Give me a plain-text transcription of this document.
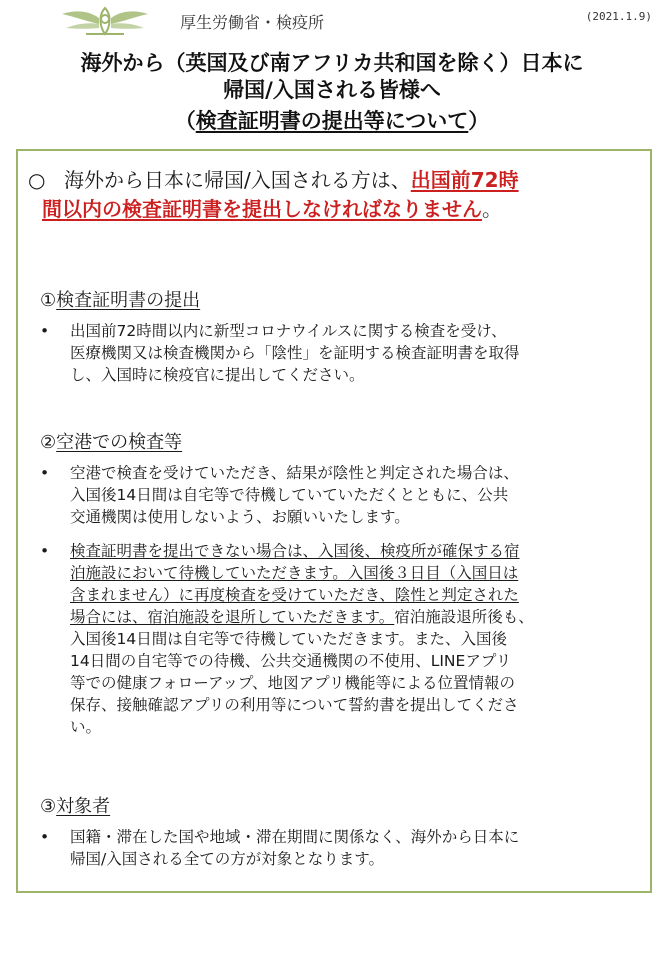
厚生労働省・検疫所	(2021.1.9)
海外から（英国及び南アフリカ共和国を除く）日本に
帰国/入国される皆様へ
（検査証明書の提出等について）
○ 海外から日本に帰国/入国される方は、出国前72時
間以内の検査証明書を提出しなければなりません。
①検査証明書の提出
• 出国前72時間以内に新型コロナウイルスに関する検査を受け、
医療機関又は検査機関から「陰性」を証明する検査証明書を取得
し、入国時に検疫官に提出してください。
②空港での検査等
• 空港で検査を受けていただき、結果が陰性と判定された場合は、
入国後14日間は自宅等で待機していていただくとともに、公共
交通機関は使用しないよう、お願いいたします。
• 検査証明書を提出できない場合は、入国後、検疫所が確保する宿
泊施設において待機していただきます。入国後３日目（入国日は
含まれません）に再度検査を受けていただき、陰性と判定された
場合には、宿泊施設を退所していただきます。宿泊施設退所後も、
入国後14日間は自宅等で待機していただきます。また、入国後
14日間の自宅等での待機、公共交通機関の不使用、LINEアプリ
等での健康フォローアップ、地図アプリ機能等による位置情報の
保存、接触確認アプリの利用等について誓約書を提出してくださ
い。
③対象者
• 国籍・滞在した国や地域・滞在期間に関係なく、海外から日本に
帰国/入国される全ての方が対象となります。
